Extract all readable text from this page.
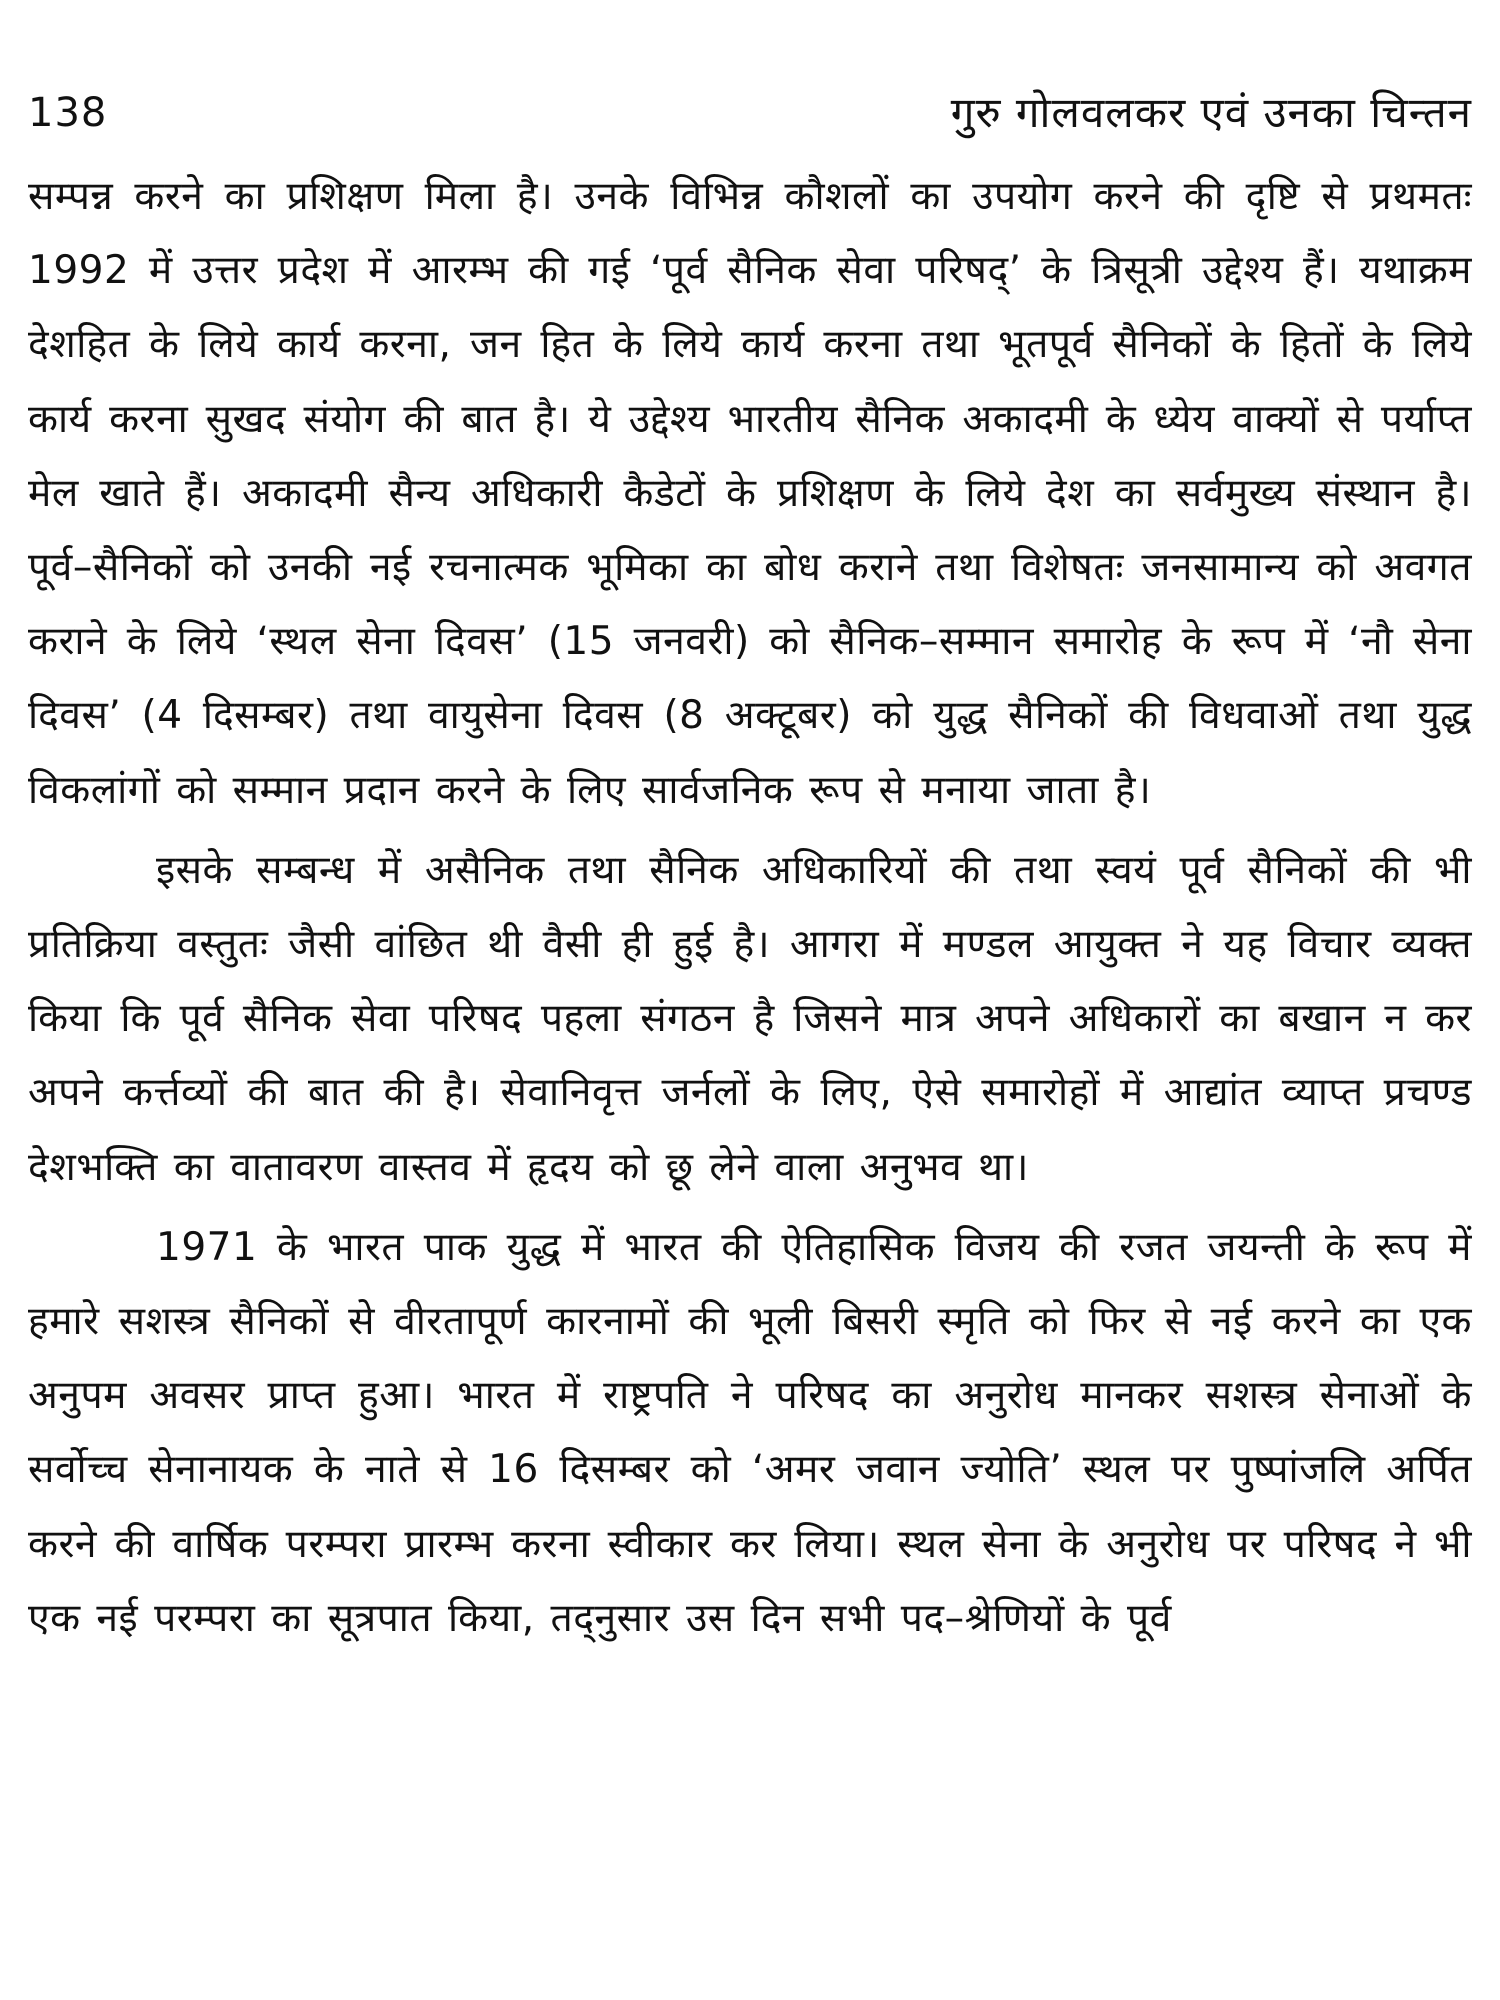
138	गुरु गोलवलकर एवं उनका चिन्तन

सम्पन्न करने का प्रशिक्षण मिला है। उनके विभिन्न कौशलों का उपयोग करने की दृष्टि से प्रथमतः 1992 में उत्तर प्रदेश में आरम्भ की गई ‘पूर्व सैनिक सेवा परिषद्’ के त्रिसूत्री उद्देश्य हैं। यथाक्रम देशहित के लिये कार्य करना, जन हित के लिये कार्य करना तथा भूतपूर्व सैनिकों के हितों के लिये कार्य करना सुखद संयोग की बात है। ये उद्देश्य भारतीय सैनिक अकादमी के ध्येय वाक्यों से पर्याप्त मेल खाते हैं। अकादमी सैन्य अधिकारी कैडेटों के प्रशिक्षण के लिये देश का सर्वमुख्य संस्थान है। पूर्व–सैनिकों को उनकी नई रचनात्मक भूमिका का बोध कराने तथा विशेषतः जनसामान्य को अवगत कराने के लिये ‘स्थल सेना दिवस’ (15 जनवरी) को सैनिक–सम्मान समारोह के रूप में ‘नौ सेना दिवस’ (4 दिसम्बर) तथा वायुसेना दिवस (8 अक्टूबर) को युद्ध सैनिकों की विधवाओं तथा युद्ध विकलांगों को सम्मान प्रदान करने के लिए सार्वजनिक रूप से मनाया जाता है।

इसके सम्बन्ध में असैनिक तथा सैनिक अधिकारियों की तथा स्वयं पूर्व सैनिकों की भी प्रतिक्रिया वस्तुतः जैसी वांछित थी वैसी ही हुई है। आगरा में मण्डल आयुक्त ने यह विचार व्यक्त किया कि पूर्व सैनिक सेवा परिषद पहला संगठन है जिसने मात्र अपने अधिकारों का बखान न कर अपने कर्त्तव्यों की बात की है। सेवानिवृत्त जर्नलों के लिए, ऐसे समारोहों में आद्यांत व्याप्त प्रचण्ड देशभक्ति का वातावरण वास्तव में हृदय को छू लेने वाला अनुभव था।

1971 के भारत पाक युद्ध में भारत की ऐतिहासिक विजय की रजत जयन्ती के रूप में हमारे सशस्त्र सैनिकों से वीरतापूर्ण कारनामों की भूली बिसरी स्मृति को फिर से नई करने का एक अनुपम अवसर प्राप्त हुआ। भारत में राष्ट्रपति ने परिषद का अनुरोध मानकर सशस्त्र सेनाओं के सर्वोच्च सेनानायक के नाते से 16 दिसम्बर को ‘अमर जवान ज्योति’ स्थल पर पुष्पांजलि अर्पित करने की वार्षिक परम्परा प्रारम्भ करना स्वीकार कर लिया। स्थल सेना के अनुरोध पर परिषद ने भी एक नई परम्परा का सूत्रपात किया, तद्नुसार उस दिन सभी पद–श्रेणियों के पूर्व
